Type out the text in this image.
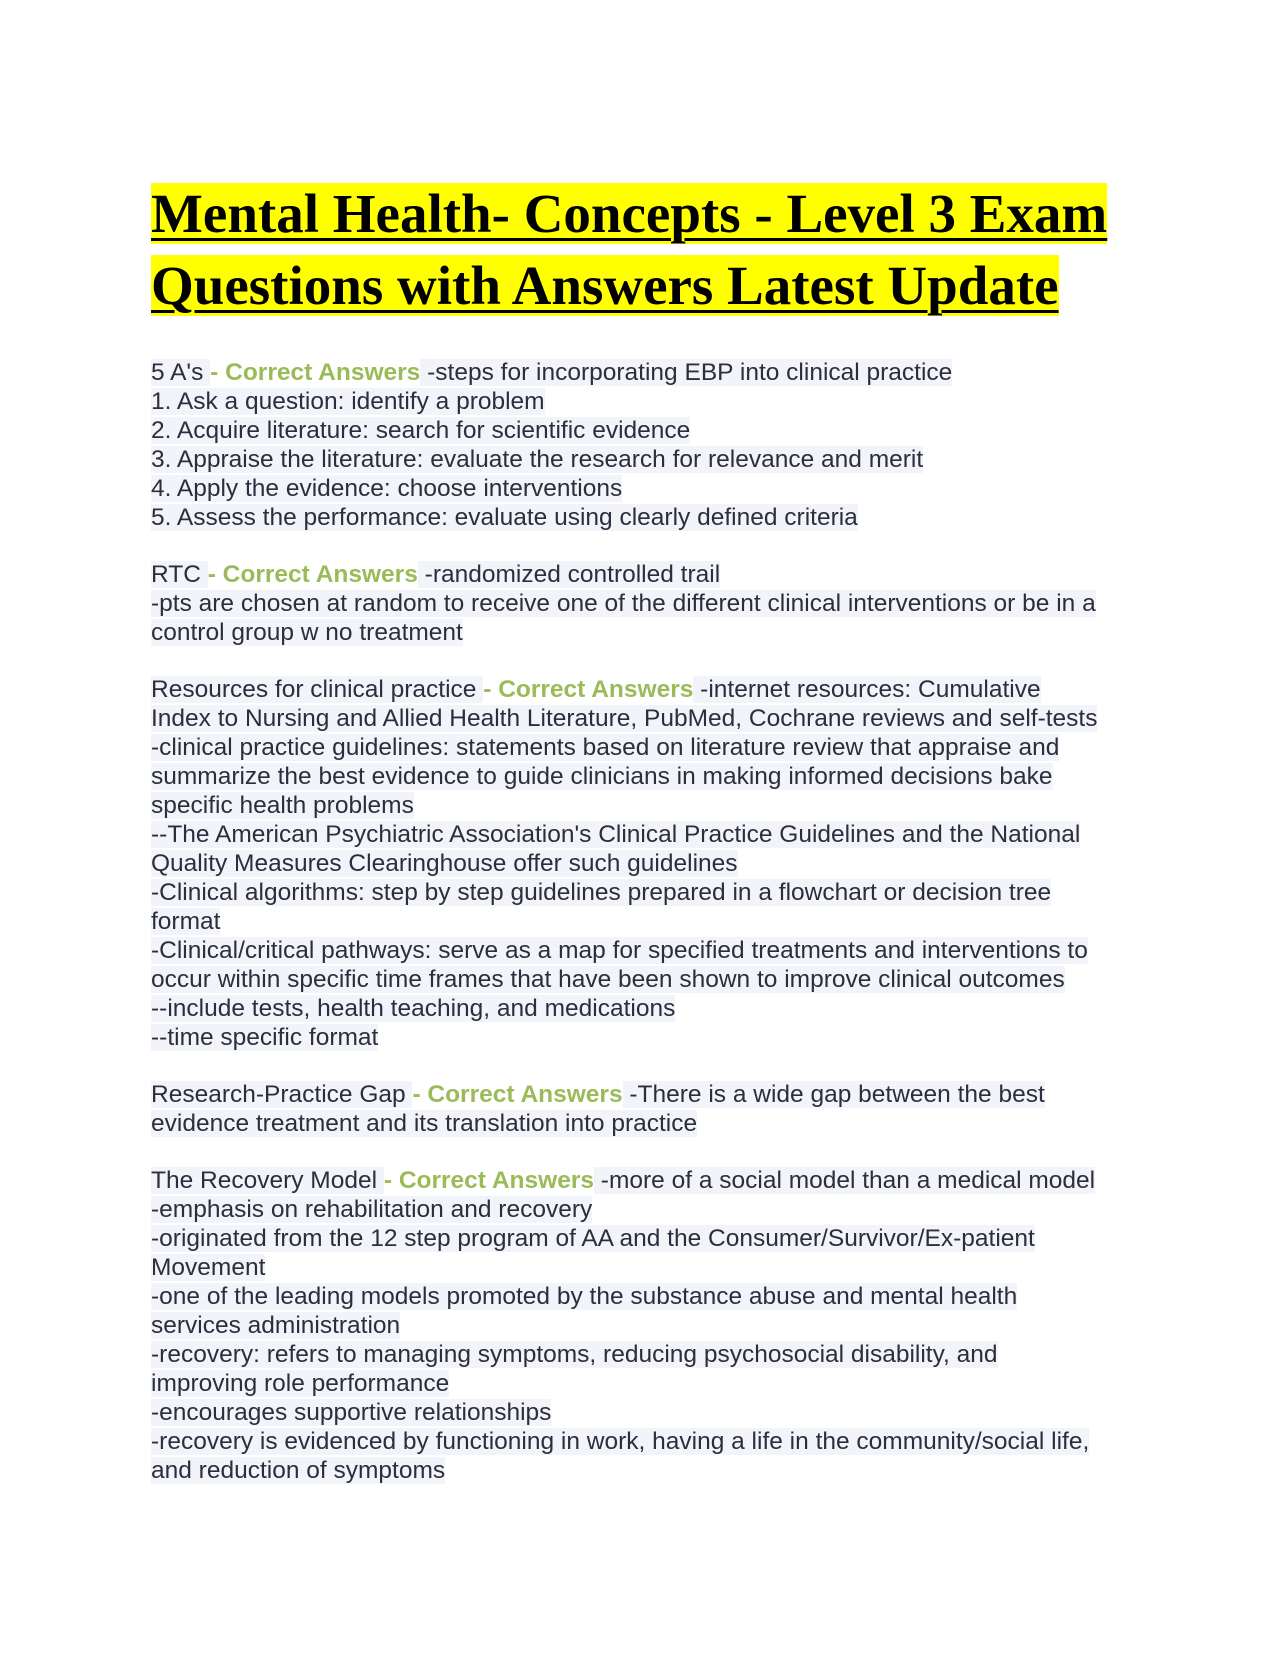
Mental Health- Concepts - Level 3 Exam
Questions with Answers Latest Update
5 A's - Correct Answers -steps for incorporating EBP into clinical practice
1. Ask a question: identify a problem
2. Acquire literature: search for scientific evidence
3. Appraise the literature: evaluate the research for relevance and merit
4. Apply the evidence: choose interventions
5. Assess the performance: evaluate using clearly defined criteria
RTC - Correct Answers -randomized controlled trail
-pts are chosen at random to receive one of the different clinical interventions or be in a
control group w no treatment
Resources for clinical practice - Correct Answers -internet resources: Cumulative
Index to Nursing and Allied Health Literature, PubMed, Cochrane reviews and self-tests
-clinical practice guidelines: statements based on literature review that appraise and
summarize the best evidence to guide clinicians in making informed decisions bake
specific health problems
--The American Psychiatric Association's Clinical Practice Guidelines and the National
Quality Measures Clearinghouse offer such guidelines
-Clinical algorithms: step by step guidelines prepared in a flowchart or decision tree
format
-Clinical/critical pathways: serve as a map for specified treatments and interventions to
occur within specific time frames that have been shown to improve clinical outcomes
--include tests, health teaching, and medications
--time specific format
Research-Practice Gap - Correct Answers -There is a wide gap between the best
evidence treatment and its translation into practice
The Recovery Model - Correct Answers -more of a social model than a medical model
-emphasis on rehabilitation and recovery
-originated from the 12 step program of AA and the Consumer/Survivor/Ex-patient
Movement
-one of the leading models promoted by the substance abuse and mental health
services administration
-recovery: refers to managing symptoms, reducing psychosocial disability, and
improving role performance
-encourages supportive relationships
-recovery is evidenced by functioning in work, having a life in the community/social life,
and reduction of symptoms
